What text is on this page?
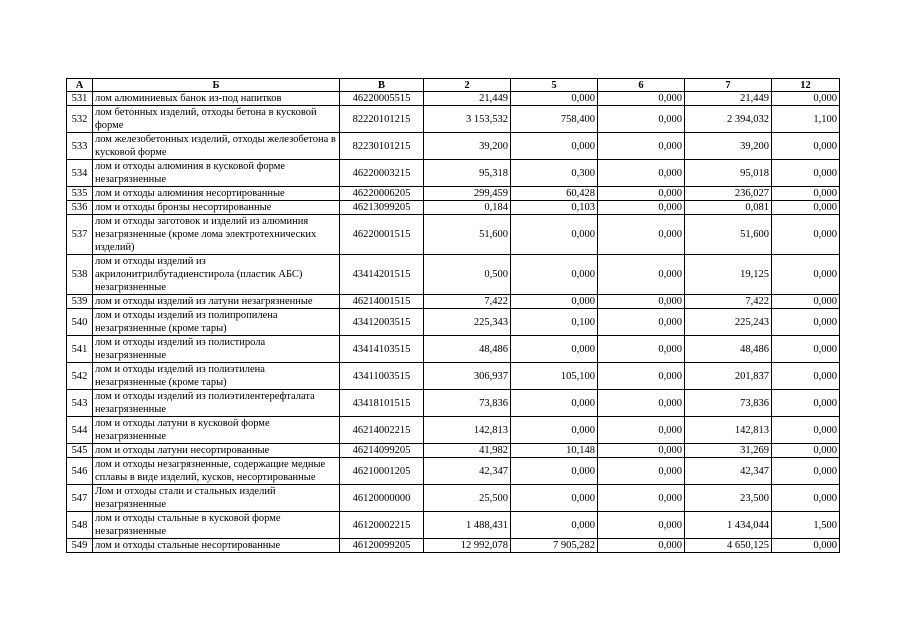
А	Б	В	2	5	6	7	12
531	лом алюминиевых банок из-под напитков	46220005515	21,449	0,000	0,000	21,449	0,000
532	лом бетонных изделий, отходы бетона в кусковой форме	82220101215	3 153,532	758,400	0,000	2 394,032	1,100
533	лом железобетонных изделий, отходы железобетона в кусковой форме	82230101215	39,200	0,000	0,000	39,200	0,000
534	лом и отходы алюминия в кусковой форме незагрязненные	46220003215	95,318	0,300	0,000	95,018	0,000
535	лом и отходы алюминия несортированные	46220006205	299,459	60,428	0,000	236,027	0,000
536	лом и отходы бронзы несортированные	46213099205	0,184	0,103	0,000	0,081	0,000
537	лом и отходы заготовок и изделий из алюминия незагрязненные (кроме лома электротехнических изделий)	46220001515	51,600	0,000	0,000	51,600	0,000
538	лом и отходы изделий из акрилонитрилбутадиенстирола (пластик АБС) незагрязненные	43414201515	0,500	0,000	0,000	19,125	0,000
539	лом и отходы изделий из латуни незагрязненные	46214001515	7,422	0,000	0,000	7,422	0,000
540	лом и отходы изделий из полипропилена незагрязненные (кроме тары)	43412003515	225,343	0,100	0,000	225,243	0,000
541	лом и отходы изделий из полистирола незагрязненные	43414103515	48,486	0,000	0,000	48,486	0,000
542	лом и отходы изделий из полиэтилена незагрязненные (кроме тары)	43411003515	306,937	105,100	0,000	201,837	0,000
543	лом и отходы изделий из полиэтилентерефталата незагрязненные	43418101515	73,836	0,000	0,000	73,836	0,000
544	лом и отходы латуни в кусковой форме незагрязненные	46214002215	142,813	0,000	0,000	142,813	0,000
545	лом и отходы латуни несортированные	46214099205	41,982	10,148	0,000	31,269	0,000
546	лом и отходы незагрязненные, содержащие медные сплавы в виде изделий, кусков, несортированные	46210001205	42,347	0,000	0,000	42,347	0,000
547	Лом и отходы стали и стальных изделий незагрязненные	46120000000	25,500	0,000	0,000	23,500	0,000
548	лом и отходы стальные в кусковой форме незагрязненные	46120002215	1 488,431	0,000	0,000	1 434,044	1,500
549	лом и отходы стальные несортированные	46120099205	12 992,078	7 905,282	0,000	4 650,125	0,000
